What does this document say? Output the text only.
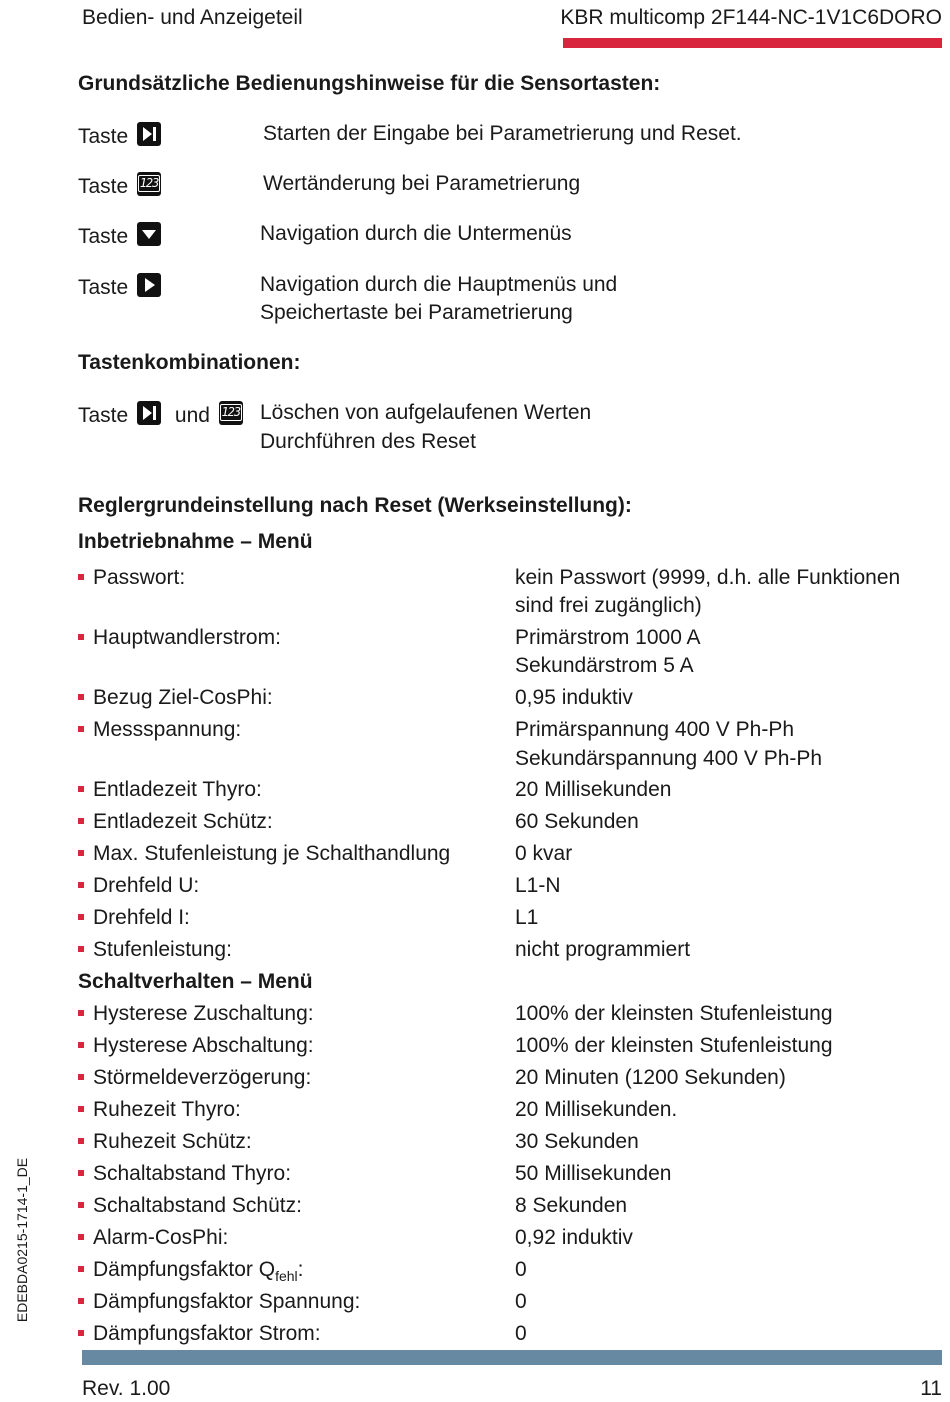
Bedien- und Anzeigeteil	KBR multicomp 2F144-NC-1V1C6DORO
Grundsätzliche Bedienungshinweise für die Sensortasten:
Taste	Starten der Eingabe bei Parametrierung und Reset.
Taste 123	Wertänderung bei Parametrierung
Taste	Navigation durch die Untermenüs
Taste	Navigation durch die Hauptmenüs und
Speichertaste bei Parametrierung
Tastenkombinationen:
Taste und 123 Löschen von aufgelaufenen Werten
Durchführen des Reset
Reglergrundeinstellung nach Reset (Werkseinstellung):
Inbetriebnahme – Menü
Passwort:	kein Passwort (9999, d.h. alle Funktionen
sind frei zugänglich)
Hauptwandlerstrom:	Primärstrom 1000 A
Sekundärstrom 5 A
Bezug Ziel-CosPhi:	0,95 induktiv
Messspannung:	Primärspannung 400 V Ph-Ph
Sekundärspannung 400 V Ph-Ph
Entladezeit Thyro:	20 Millisekunden
Entladezeit Schütz:	60 Sekunden
Max. Stufenleistung je Schalthandlung	0 kvar
Drehfeld U:	L1-N
Drehfeld I:	L1
Stufenleistung:	nicht programmiert
Schaltverhalten – Menü
Hysterese Zuschaltung:	100% der kleinsten Stufenleistung
Hysterese Abschaltung:	100% der kleinsten Stufenleistung
Störmeldeverzögerung:	20 Minuten (1200 Sekunden)
Ruhezeit Thyro:	20 Millisekunden.
Ruhezeit Schütz:	30 Sekunden
Schaltabstand Thyro:	50 Millisekunden
Schaltabstand Schütz:	8 Sekunden
Alarm-CosPhi:	0,92 induktiv
Dämpfungsfaktor $Q_{fehl}$:	0
Dämpfungsfaktor Spannung:	0
Dämpfungsfaktor Strom:	0
EDEBDA0215-1714-1_DE
Rev. 1.00	11
